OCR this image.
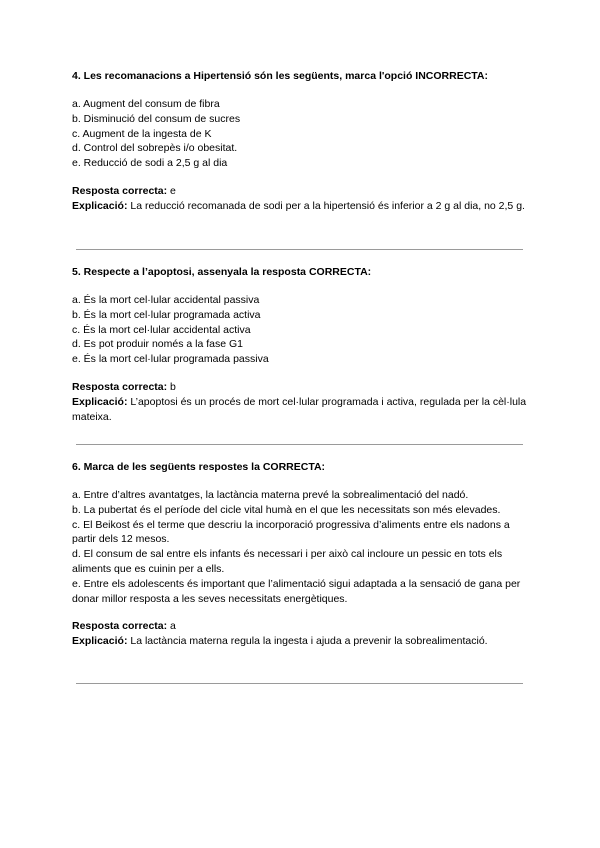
4. Les recomanacions a Hipertensió són les següents, marca l'opció INCORRECTA:

a. Augment del consum de fibra
b. Disminució del consum de sucres
c. Augment de la ingesta de K
d. Control del sobrepès i/o obesitat.
e. Reducció de sodi a 2,5 g al dia
Resposta correcta: e
Explicació: La reducció recomanada de sodi per a la hipertensió és inferior a 2 g al dia, no 2,5 g.

5. Respecte a l’apoptosi, assenyala la resposta CORRECTA:

a. És la mort cel·lular accidental passiva
b. És la mort cel·lular programada activa
c. És la mort cel·lular accidental activa
d. Es pot produir només a la fase G1
e. És la mort cel·lular programada passiva
Resposta correcta: b
Explicació: L’apoptosi és un procés de mort cel·lular programada i activa, regulada per la cèl·lula mateixa.

6. Marca de les següents respostes la CORRECTA:

a. Entre d’altres avantatges, la lactància materna prevé la sobrealimentació del nadó.
b. La pubertat és el període del cicle vital humà en el que les necessitats son més elevades.
c. El Beikost és el terme que descriu la incorporació progressiva d’aliments entre els nadons a partir dels 12 mesos.
d. El consum de sal entre els infants és necessari i per això cal incloure un pessic en tots els aliments que es cuinin per a ells.
e. Entre els adolescents és important que l’alimentació sigui adaptada a la sensació de gana per donar millor resposta a les seves necessitats energètiques.
Resposta correcta: a
Explicació: La lactància materna regula la ingesta i ajuda a prevenir la sobrealimentació.
